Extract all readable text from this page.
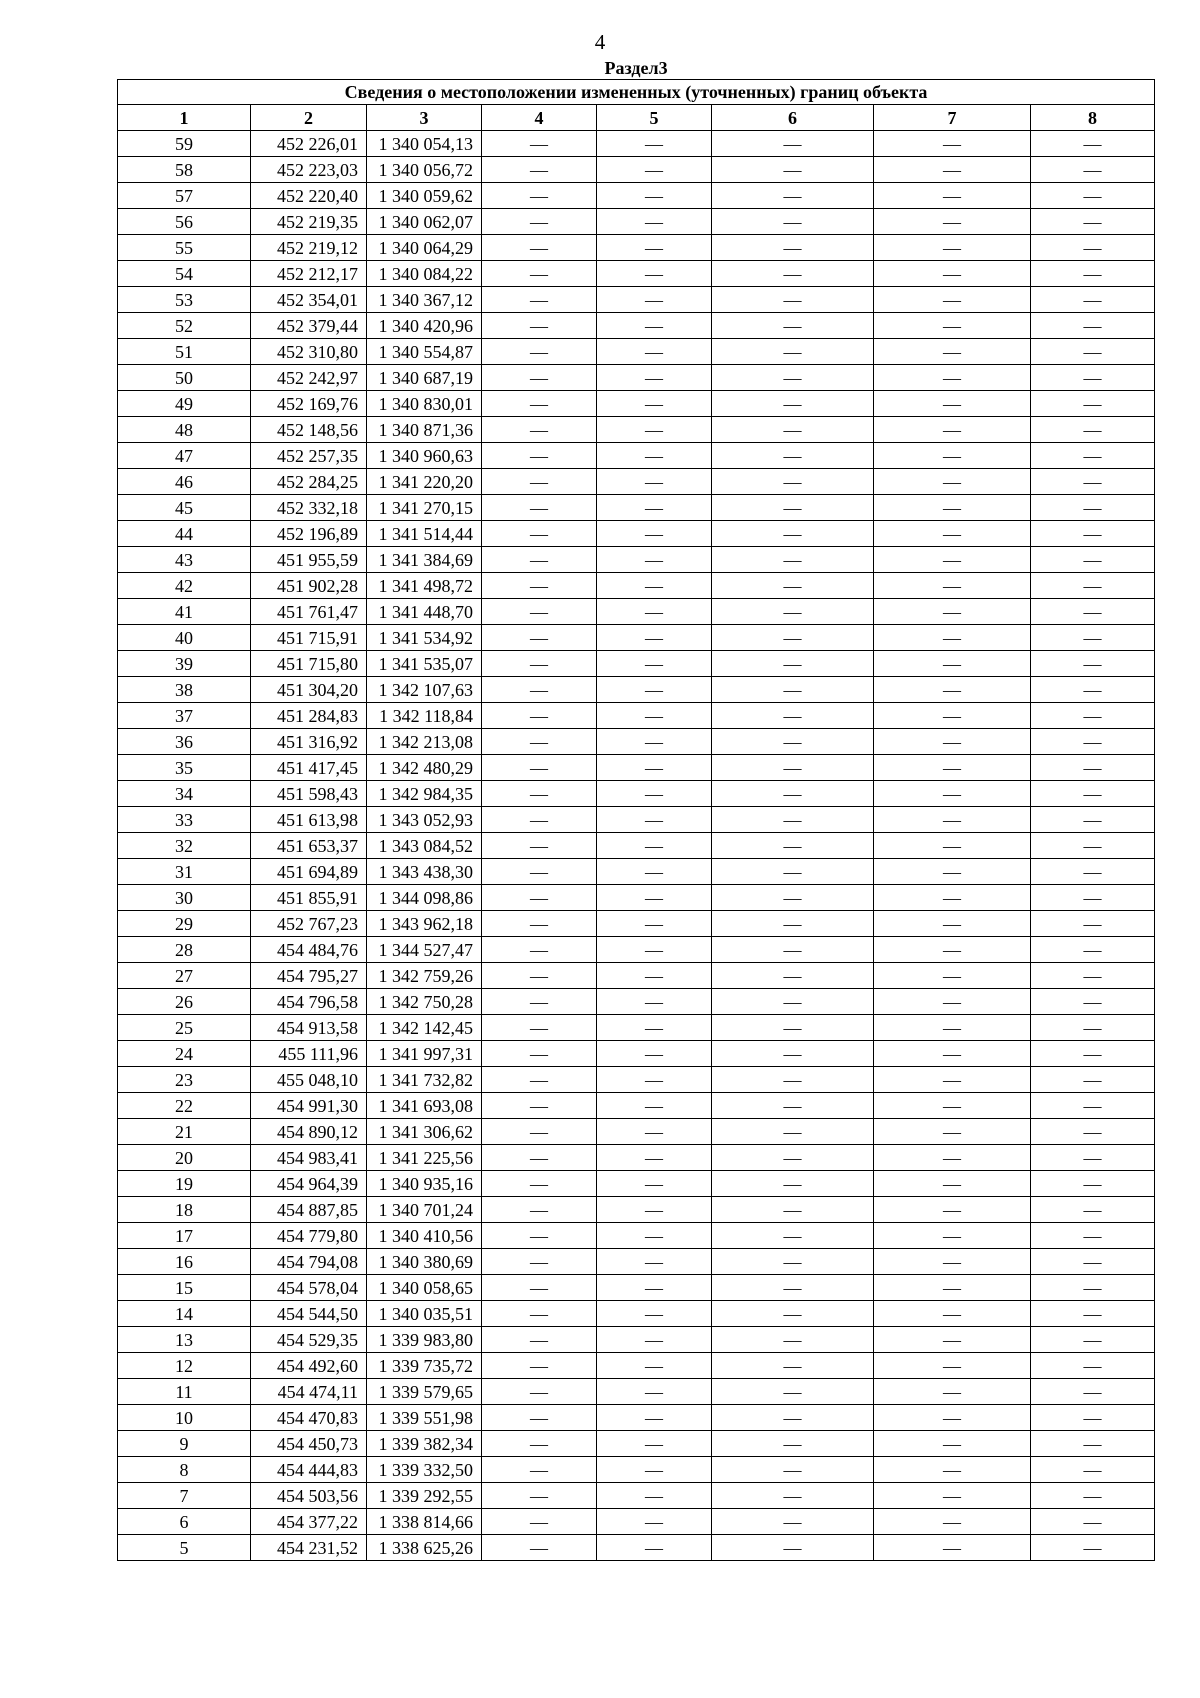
4
Раздел3							
Сведения о местоположении измененных (уточненных) границ объекта							
1	2	3	4	5	6	7	8
59	452 226,01	1 340 054,13	—	—	—	—	—
58	452 223,03	1 340 056,72	—	—	—	—	—
57	452 220,40	1 340 059,62	—	—	—	—	—
56	452 219,35	1 340 062,07	—	—	—	—	—
55	452 219,12	1 340 064,29	—	—	—	—	—
54	452 212,17	1 340 084,22	—	—	—	—	—
53	452 354,01	1 340 367,12	—	—	—	—	—
52	452 379,44	1 340 420,96	—	—	—	—	—
51	452 310,80	1 340 554,87	—	—	—	—	—
50	452 242,97	1 340 687,19	—	—	—	—	—
49	452 169,76	1 340 830,01	—	—	—	—	—
48	452 148,56	1 340 871,36	—	—	—	—	—
47	452 257,35	1 340 960,63	—	—	—	—	—
46	452 284,25	1 341 220,20	—	—	—	—	—
45	452 332,18	1 341 270,15	—	—	—	—	—
44	452 196,89	1 341 514,44	—	—	—	—	—
43	451 955,59	1 341 384,69	—	—	—	—	—
42	451 902,28	1 341 498,72	—	—	—	—	—
41	451 761,47	1 341 448,70	—	—	—	—	—
40	451 715,91	1 341 534,92	—	—	—	—	—
39	451 715,80	1 341 535,07	—	—	—	—	—
38	451 304,20	1 342 107,63	—	—	—	—	—
37	451 284,83	1 342 118,84	—	—	—	—	—
36	451 316,92	1 342 213,08	—	—	—	—	—
35	451 417,45	1 342 480,29	—	—	—	—	—
34	451 598,43	1 342 984,35	—	—	—	—	—
33	451 613,98	1 343 052,93	—	—	—	—	—
32	451 653,37	1 343 084,52	—	—	—	—	—
31	451 694,89	1 343 438,30	—	—	—	—	—
30	451 855,91	1 344 098,86	—	—	—	—	—
29	452 767,23	1 343 962,18	—	—	—	—	—
28	454 484,76	1 344 527,47	—	—	—	—	—
27	454 795,27	1 342 759,26	—	—	—	—	—
26	454 796,58	1 342 750,28	—	—	—	—	—
25	454 913,58	1 342 142,45	—	—	—	—	—
24	455 111,96	1 341 997,31	—	—	—	—	—
23	455 048,10	1 341 732,82	—	—	—	—	—
22	454 991,30	1 341 693,08	—	—	—	—	—
21	454 890,12	1 341 306,62	—	—	—	—	—
20	454 983,41	1 341 225,56	—	—	—	—	—
19	454 964,39	1 340 935,16	—	—	—	—	—
18	454 887,85	1 340 701,24	—	—	—	—	—
17	454 779,80	1 340 410,56	—	—	—	—	—
16	454 794,08	1 340 380,69	—	—	—	—	—
15	454 578,04	1 340 058,65	—	—	—	—	—
14	454 544,50	1 340 035,51	—	—	—	—	—
13	454 529,35	1 339 983,80	—	—	—	—	—
12	454 492,60	1 339 735,72	—	—	—	—	—
11	454 474,11	1 339 579,65	—	—	—	—	—
10	454 470,83	1 339 551,98	—	—	—	—	—
9	454 450,73	1 339 382,34	—	—	—	—	—
8	454 444,83	1 339 332,50	—	—	—	—	—
7	454 503,56	1 339 292,55	—	—	—	—	—
6	454 377,22	1 338 814,66	—	—	—	—	—
5	454 231,52	1 338 625,26	—	—	—	—	—
